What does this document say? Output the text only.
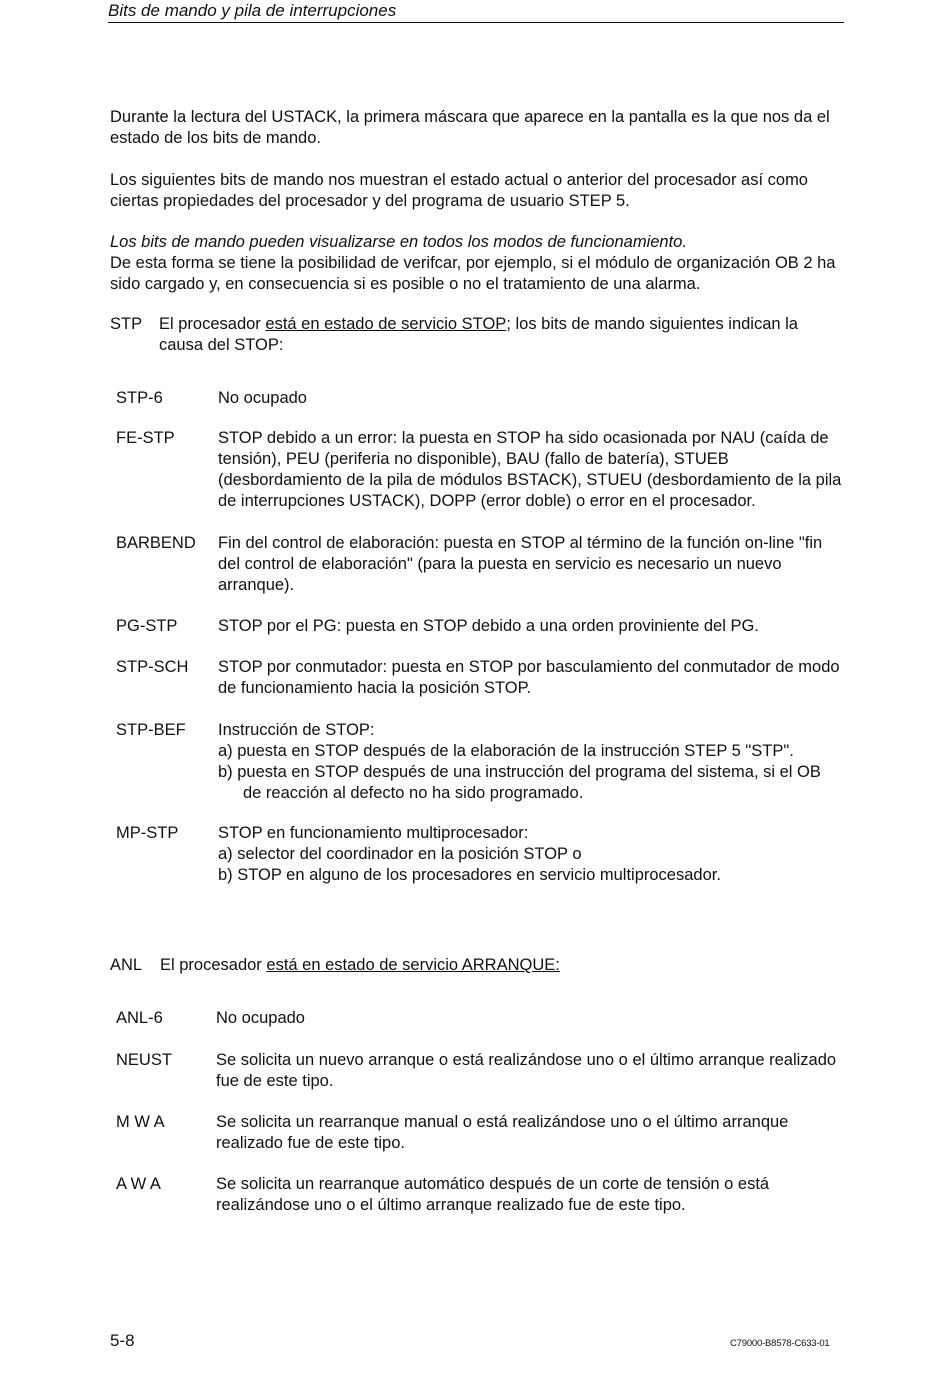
Bits de mando y pila de interrupciones

Durante la lectura del USTACK, la primera máscara que aparece en la pantalla es la que nos da el estado de los bits de mando.

Los siguientes bits de mando nos muestran el estado actual o anterior del procesador así como ciertas propiedades del procesador y del programa de usuario STEP 5.

Los bits de mando pueden visualizarse en todos los modos de funcionamiento.
De esta forma se tiene la posibilidad de verifcar, por ejemplo, si el módulo de organización OB 2 ha sido cargado y, en consecuencia si es posible o no el tratamiento de una alarma.

STP El procesador está en estado de servicio STOP; los bits de mando siguientes indican la causa del STOP:
STP-6	No ocupado
FE-STP	STOP debido a un error: la puesta en STOP ha sido ocasionada por NAU (caída de tensión), PEU (periferia no disponible), BAU (fallo de batería), STUEB (desbordamiento de la pila de módulos BSTACK), STUEU (desbordamiento de la pila de interrupciones USTACK), DOPP (error doble) o error en el procesador.
BARBEND	Fin del control de elaboración: puesta en STOP al término de la función on-line "fin del control de elaboración" (para la puesta en servicio es necesario un nuevo arranque).
PG-STP	STOP por el PG: puesta en STOP debido a una orden proviniente del PG.
STP-SCH	STOP por conmutador: puesta en STOP por basculamiento del conmutador de modo de funcionamiento hacia la posición STOP.
STP-BEF	Instrucción de STOP:
a) puesta en STOP después de la elaboración de la instrucción STEP 5 "STP".
b) puesta en STOP después de una instrucción del programa del sistema, si el OB de reacción al defecto no ha sido programado.
MP-STP	STOP en funcionamiento multiprocesador:
a) selector del coordinador en la posición STOP o
b) STOP en alguno de los procesadores en servicio multiprocesador.
ANL El procesador está en estado de servicio ARRANQUE:
ANL-6	No ocupado
NEUST	Se solicita un nuevo arranque o está realizándose uno o el último arranque realizado fue de este tipo.
M W A	Se solicita un rearranque manual o está realizándose uno o el último arranque realizado fue de este tipo.
A W A	Se solicita un rearranque automático después de un corte de tensión o está realizándose uno o el último arranque realizado fue de este tipo.
5-8	C79000-B8578-C633-01
